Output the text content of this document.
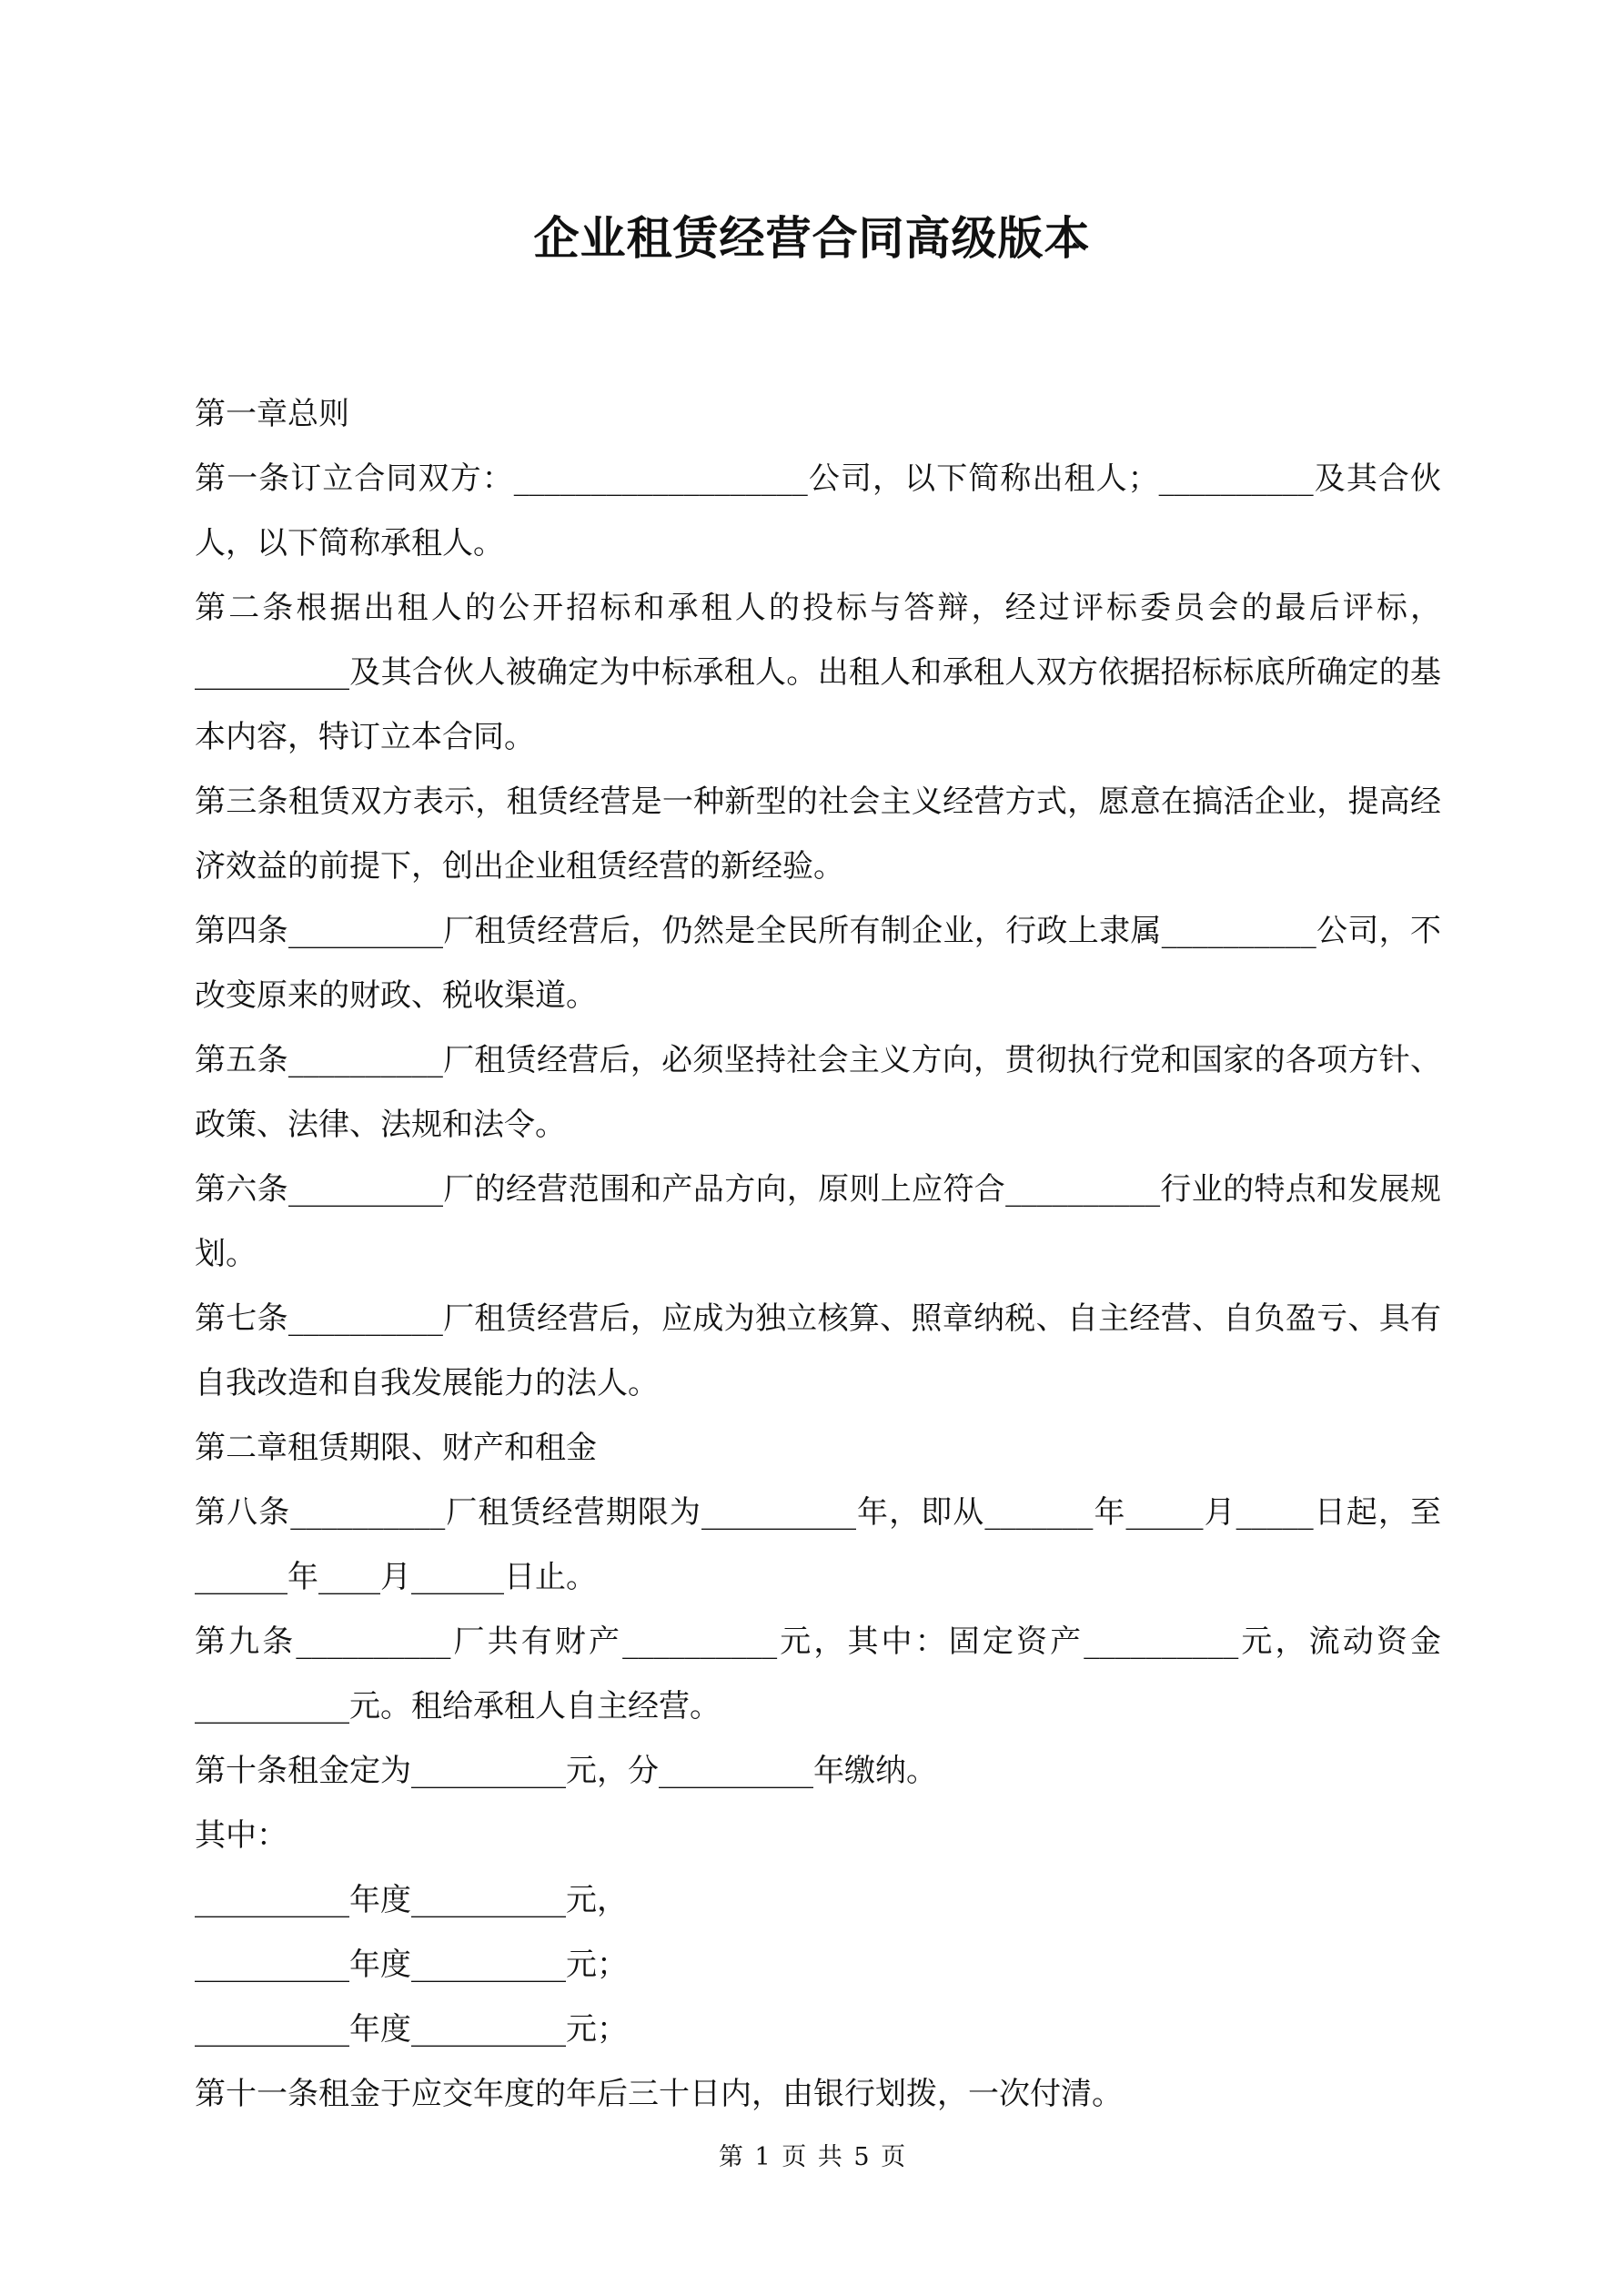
企业租赁经营合同高级版本

第一章总则

第一条订立合同双方：___________________公司，以下简称出租人；__________及其合伙人，以下简称承租人。

第二条根据出租人的公开招标和承租人的投标与答辩，经过评标委员会的最后评标，__________及其合伙人被确定为中标承租人。出租人和承租人双方依据招标标底所确定的基本内容，特订立本合同。

第三条租赁双方表示，租赁经营是一种新型的社会主义经营方式，愿意在搞活企业，提高经济效益的前提下，创出企业租赁经营的新经验。

第四条__________厂租赁经营后，仍然是全民所有制企业，行政上隶属__________公司，不改变原来的财政、税收渠道。

第五条__________厂租赁经营后，必须坚持社会主义方向，贯彻执行党和国家的各项方针、政策、法律、法规和法令。

第六条__________厂的经营范围和产品方向，原则上应符合__________行业的特点和发展规划。

第七条__________厂租赁经营后，应成为独立核算、照章纳税、自主经营、自负盈亏、具有自我改造和自我发展能力的法人。

第二章租赁期限、财产和租金

第八条__________厂租赁经营期限为__________年，即从_______年_____月_____日起，至______年____月______日止。

第九条__________厂共有财产__________元，其中：固定资产__________元，流动资金__________元。租给承租人自主经营。

第十条租金定为__________元，分__________年缴纳。

其中：

__________年度__________元，

__________年度__________元；

__________年度__________元；

第十一条租金于应交年度的年后三十日内，由银行划拨，一次付清。

第 1 页 共 5 页
